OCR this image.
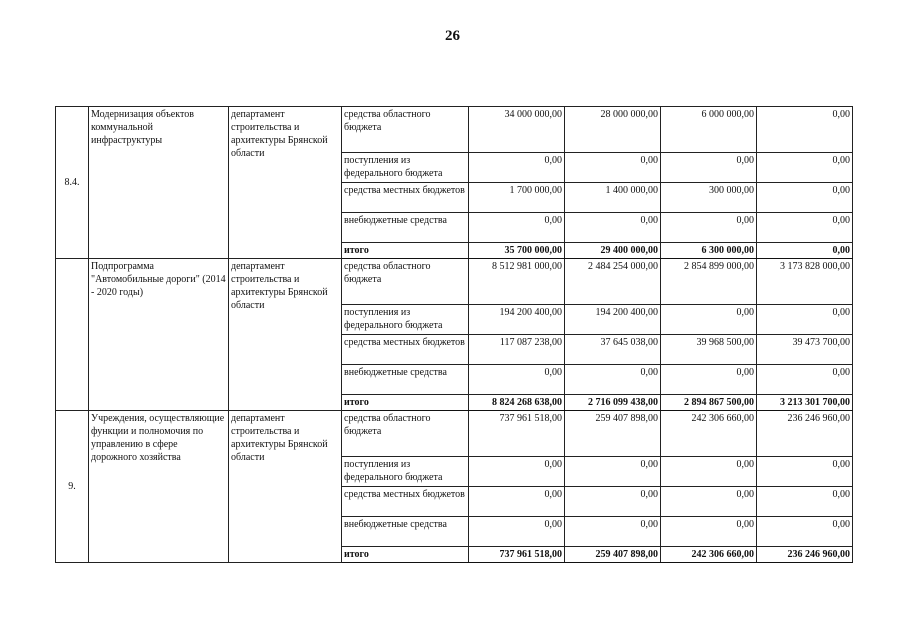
26
8.4.	Модернизация объектов коммунальной инфраструктуры	департамент строительства и архитектуры Брянской области	средства областного бюджета	34 000 000,00	28 000 000,00	6 000 000,00	0,00
			поступления из федерального бюджета	0,00	0,00	0,00	0,00
			средства местных бюджетов	1 700 000,00	1 400 000,00	300 000,00	0,00
			внебюджетные средства	0,00	0,00	0,00	0,00
			итого	35 700 000,00	29 400 000,00	6 300 000,00	0,00
	Подпрограмма "Автомобильные дороги" (2014 - 2020 годы)	департамент строительства и архитектуры Брянской области	средства областного бюджета	8 512 981 000,00	2 484 254 000,00	2 854 899 000,00	3 173 828 000,00
			поступления из федерального бюджета	194 200 400,00	194 200 400,00	0,00	0,00
			средства местных бюджетов	117 087 238,00	37 645 038,00	39 968 500,00	39 473 700,00
			внебюджетные средства	0,00	0,00	0,00	0,00
			итого	8 824 268 638,00	2 716 099 438,00	2 894 867 500,00	3 213 301 700,00
9.	Учреждения, осуществляющие функции и полномочия по управлению в сфере дорожного хозяйства	департамент строительства и архитектуры Брянской области	средства областного бюджета	737 961 518,00	259 407 898,00	242 306 660,00	236 246 960,00
			поступления из федерального бюджета	0,00	0,00	0,00	0,00
			средства местных бюджетов	0,00	0,00	0,00	0,00
			внебюджетные средства	0,00	0,00	0,00	0,00
			итого	737 961 518,00	259 407 898,00	242 306 660,00	236 246 960,00
